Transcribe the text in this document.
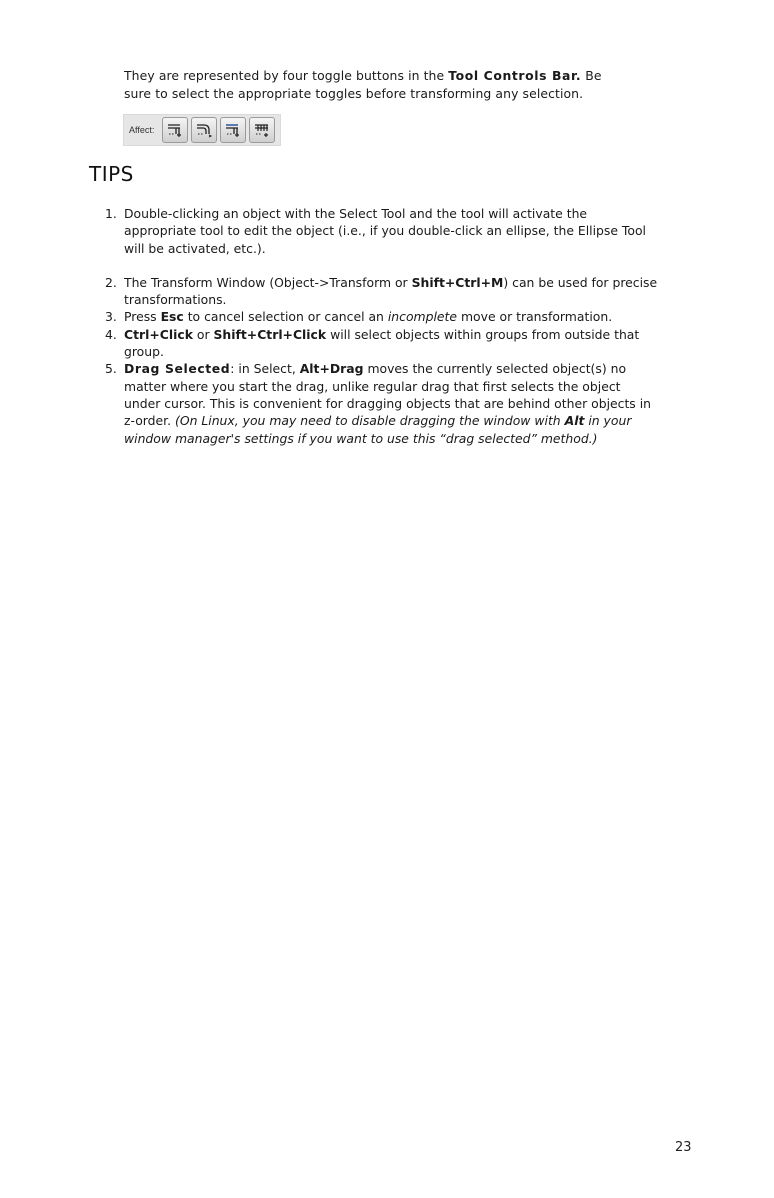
They are represented by four toggle buttons in the Tool Controls Bar. Be sure to select the appropriate toggles before transforming any selection.

Affect:
TIPS
1. Double-clicking an object with the Select Tool and the tool will activate the appropriate tool to edit the object (i.e., if you double-click an ellipse, the Ellipse Tool will be activated, etc.).
2. The Transform Window (Object->Transform or Shift+Ctrl+M) can be used for precise transformations.
3. Press Esc to cancel selection or cancel an incomplete move or transformation.
4. Ctrl+Click or Shift+Ctrl+Click will select objects within groups from outside that group.
5. Drag Selected: in Select, Alt+Drag moves the currently selected object(s) no matter where you start the drag, unlike regular drag that first selects the object under cursor. This is convenient for dragging objects that are behind other objects in z-order. (On Linux, you may need to disable dragging the window with Alt in your window manager's settings if you want to use this “drag selected” method.)
23
